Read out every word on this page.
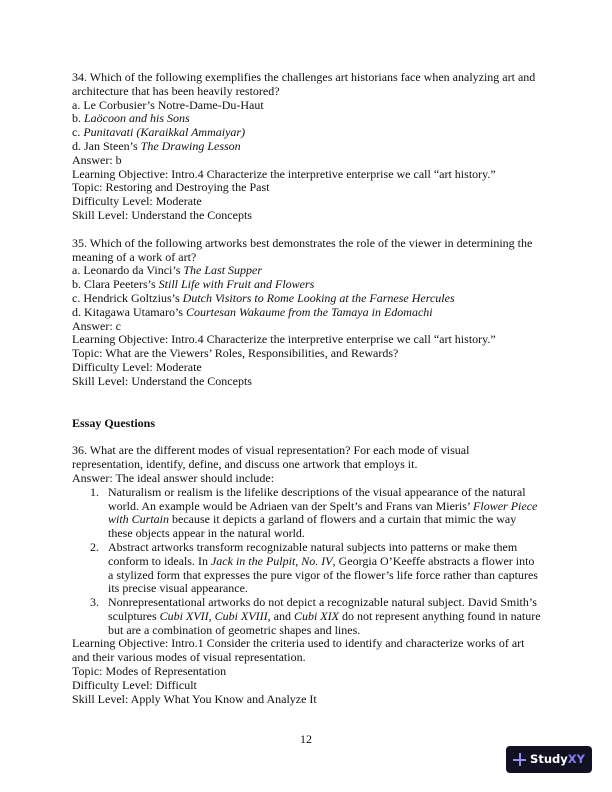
34. Which of the following exemplifies the challenges art historians face when analyzing art and
architecture that has been heavily restored?
a. Le Corbusier’s Notre-Dame-Du-Haut
b. Laöcoon and his Sons
c. Punitavati (Karaikkal Ammaiyar)
d. Jan Steen’s The Drawing Lesson
Answer: b
Learning Objective: Intro.4 Characterize the interpretive enterprise we call “art history.”
Topic: Restoring and Destroying the Past
Difficulty Level: Moderate
Skill Level: Understand the Concepts
35. Which of the following artworks best demonstrates the role of the viewer in determining the
meaning of a work of art?
a. Leonardo da Vinci’s The Last Supper
b. Clara Peeters’s Still Life with Fruit and Flowers
c. Hendrick Goltzius’s Dutch Visitors to Rome Looking at the Farnese Hercules
d. Kitagawa Utamaro’s Courtesan Wakaume from the Tamaya in Edomachi
Answer: c
Learning Objective: Intro.4 Characterize the interpretive enterprise we call “art history.”
Topic: What are the Viewers’ Roles, Responsibilities, and Rewards?
Difficulty Level: Moderate
Skill Level: Understand the Concepts
Essay Questions
36. What are the different modes of visual representation? For each mode of visual
representation, identify, define, and discuss one artwork that employs it.
Answer: The ideal answer should include:
1. Naturalism or realism is the lifelike descriptions of the visual appearance of the natural world. An example would be Adriaen van der Spelt’s and Frans van Mieris’ Flower Piece with Curtain because it depicts a garland of flowers and a curtain that mimic the way these objects appear in the natural world.
2. Abstract artworks transform recognizable natural subjects into patterns or make them conform to ideals. In Jack in the Pulpit, No. IV, Georgia O’Keeffe abstracts a flower into a stylized form that expresses the pure vigor of the flower’s life force rather than captures its precise visual appearance.
3. Nonrepresentational artworks do not depict a recognizable natural subject. David Smith’s sculptures Cubi XVII, Cubi XVIII, and Cubi XIX do not represent anything found in nature but are a combination of geometric shapes and lines.
Learning Objective: Intro.1 Consider the criteria used to identify and characterize works of art and their various modes of visual representation.
Topic: Modes of Representation
Difficulty Level: Difficult
Skill Level: Apply What You Know and Analyze It
12
StudyXY
